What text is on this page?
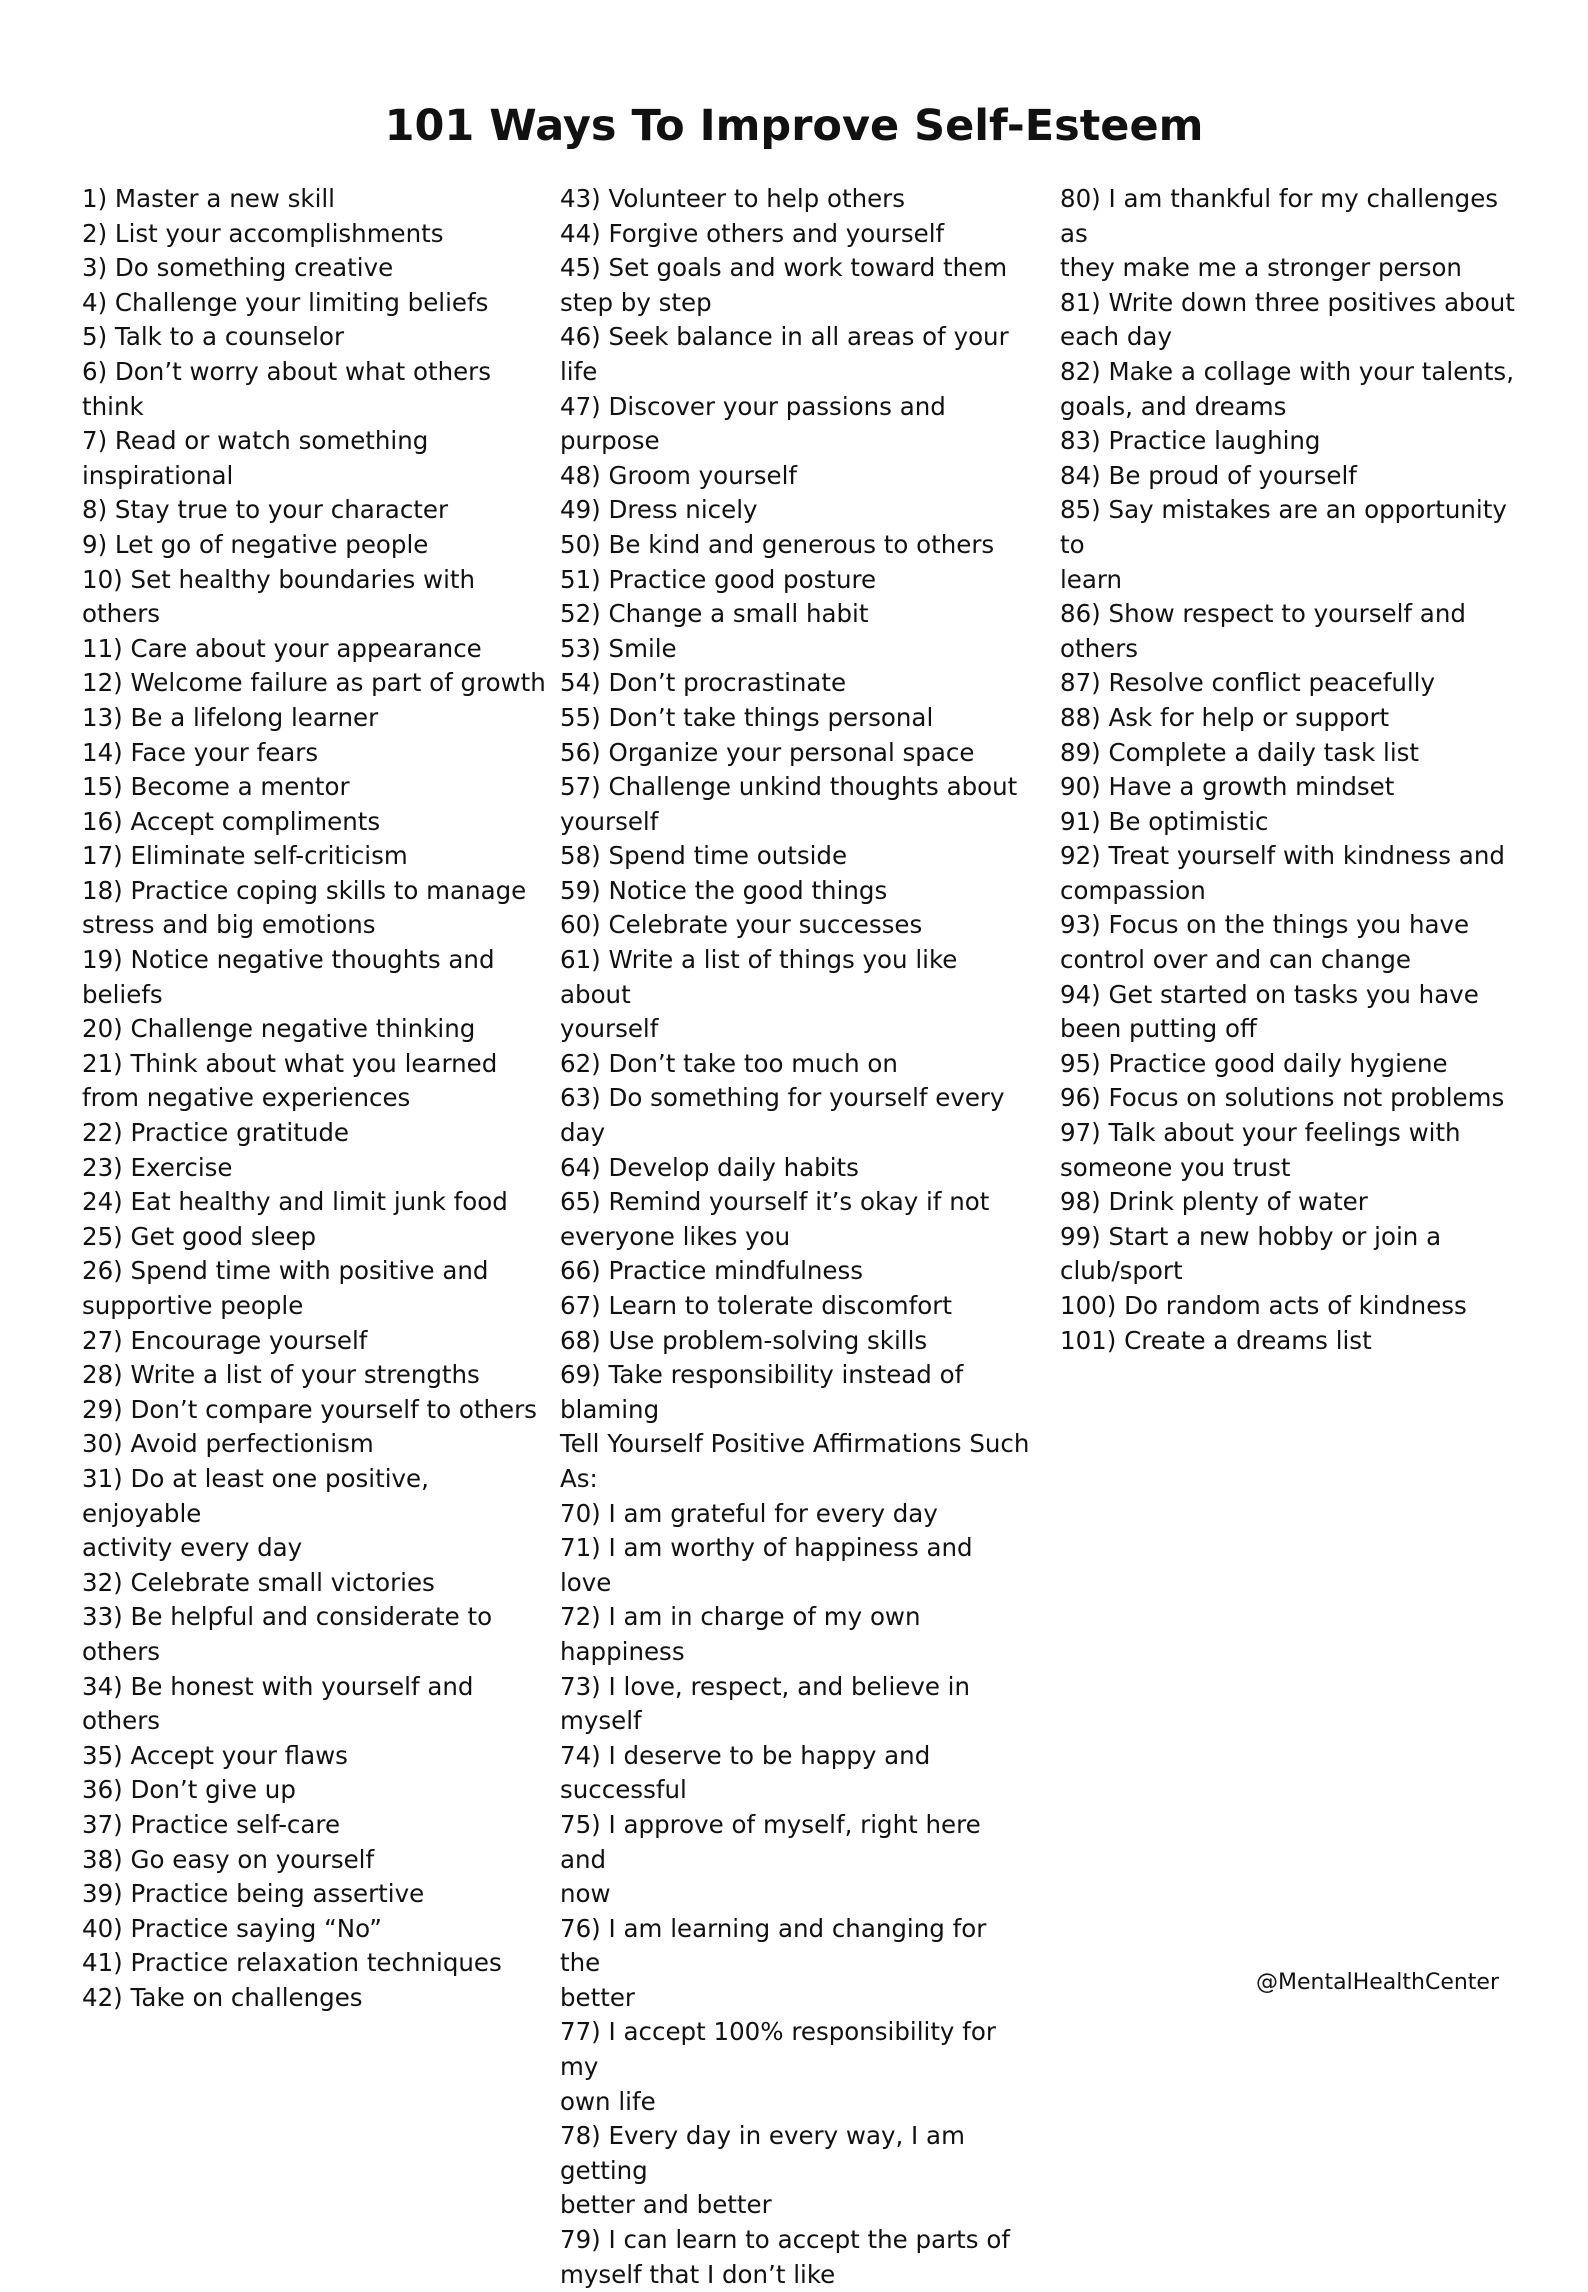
101 Ways To Improve Self-Esteem
1) Master a new skill
2) List your accomplishments
3) Do something creative
4) Challenge your limiting beliefs
5) Talk to a counselor
6) Don’t worry about what others
think
7) Read or watch something
inspirational
8) Stay true to your character
9) Let go of negative people
10) Set healthy boundaries with others
11) Care about your appearance
12) Welcome failure as part of growth
13) Be a lifelong learner
14) Face your fears
15) Become a mentor
16) Accept compliments
17) Eliminate self-criticism
18) Practice coping skills to manage
stress and big emotions
19) Notice negative thoughts and
beliefs
20) Challenge negative thinking
21) Think about what you learned
from negative experiences
22) Practice gratitude
23) Exercise
24) Eat healthy and limit junk food
25) Get good sleep
26) Spend time with positive and
supportive people
27) Encourage yourself
28) Write a list of your strengths
29) Don’t compare yourself to others
30) Avoid perfectionism
31) Do at least one positive, enjoyable
activity every day
32) Celebrate small victories
33) Be helpful and considerate to
others
34) Be honest with yourself and others
35) Accept your flaws
36) Don’t give up
37) Practice self-care
38) Go easy on yourself
39) Practice being assertive
40) Practice saying “No”
41) Practice relaxation techniques
42) Take on challenges
43) Volunteer to help others
44) Forgive others and yourself
45) Set goals and work toward them
step by step
46) Seek balance in all areas of your life
47) Discover your passions and purpose
48) Groom yourself
49) Dress nicely
50) Be kind and generous to others
51) Practice good posture
52) Change a small habit
53) Smile
54) Don’t procrastinate
55) Don’t take things personal
56) Organize your personal space
57) Challenge unkind thoughts about
yourself
58) Spend time outside
59) Notice the good things
60) Celebrate your successes
61) Write a list of things you like about
yourself
62) Don’t take too much on
63) Do something for yourself every day
64) Develop daily habits
65) Remind yourself it’s okay if not
everyone likes you
66) Practice mindfulness
67) Learn to tolerate discomfort
68) Use problem-solving skills
69) Take responsibility instead of
blaming
Tell Yourself Positive Affirmations Such
As:
70) I am grateful for every day
71) I am worthy of happiness and love
72) I am in charge of my own happiness
73) I love, respect, and believe in myself
74) I deserve to be happy and successful
75) I approve of myself, right here and
now
76) I am learning and changing for the
better
77) I accept 100% responsibility for my
own life
78) Every day in every way, I am getting
better and better
79) I can learn to accept the parts of
myself that I don’t like
80) I am thankful for my challenges as
they make me a stronger person
81) Write down three positives about
each day
82) Make a collage with your talents,
goals, and dreams
83) Practice laughing
84) Be proud of yourself
85) Say mistakes are an opportunity to
learn
86) Show respect to yourself and
others
87) Resolve conflict peacefully
88) Ask for help or support
89) Complete a daily task list
90) Have a growth mindset
91) Be optimistic
92) Treat yourself with kindness and
compassion
93) Focus on the things you have
control over and can change
94) Get started on tasks you have
been putting off
95) Practice good daily hygiene
96) Focus on solutions not problems
97) Talk about your feelings with
someone you trust
98) Drink plenty of water
99) Start a new hobby or join a
club/sport
100) Do random acts of kindness
101) Create a dreams list
@MentalHealthCenter
